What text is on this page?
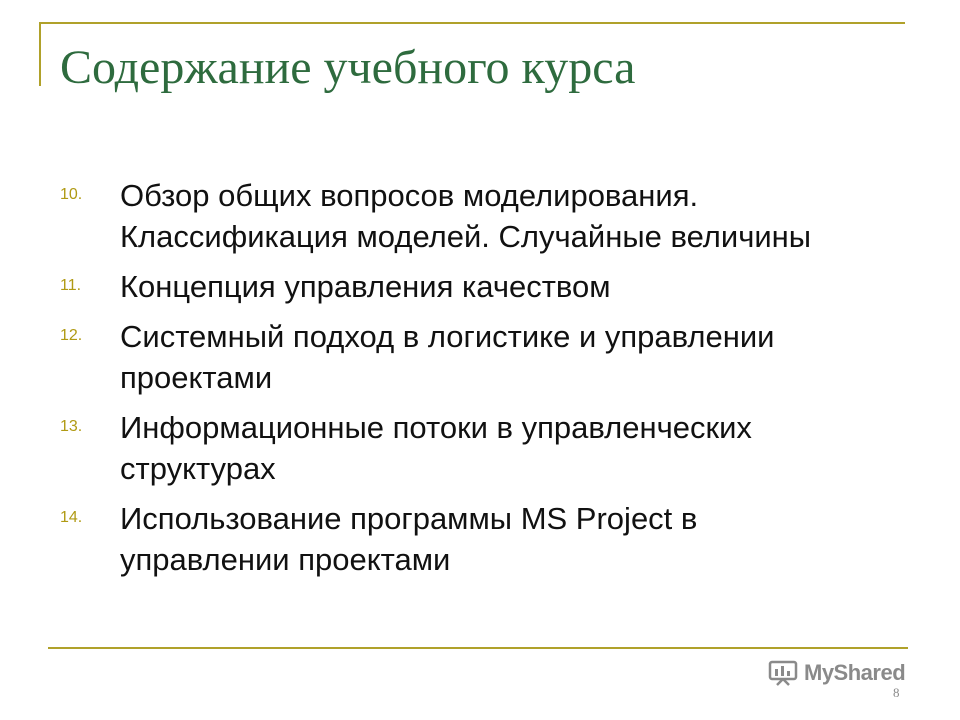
Содержание учебного курса
10.	Обзор общих вопросов моделирования. Классификация моделей. Случайные величины
11.	Концепция управления качеством
12.	Системный подход в логистике и управлении проектами
13.	Информационные потоки в управленческих структурах
14.	Использование программы MS Project в управлении проектами
MyShared
8
